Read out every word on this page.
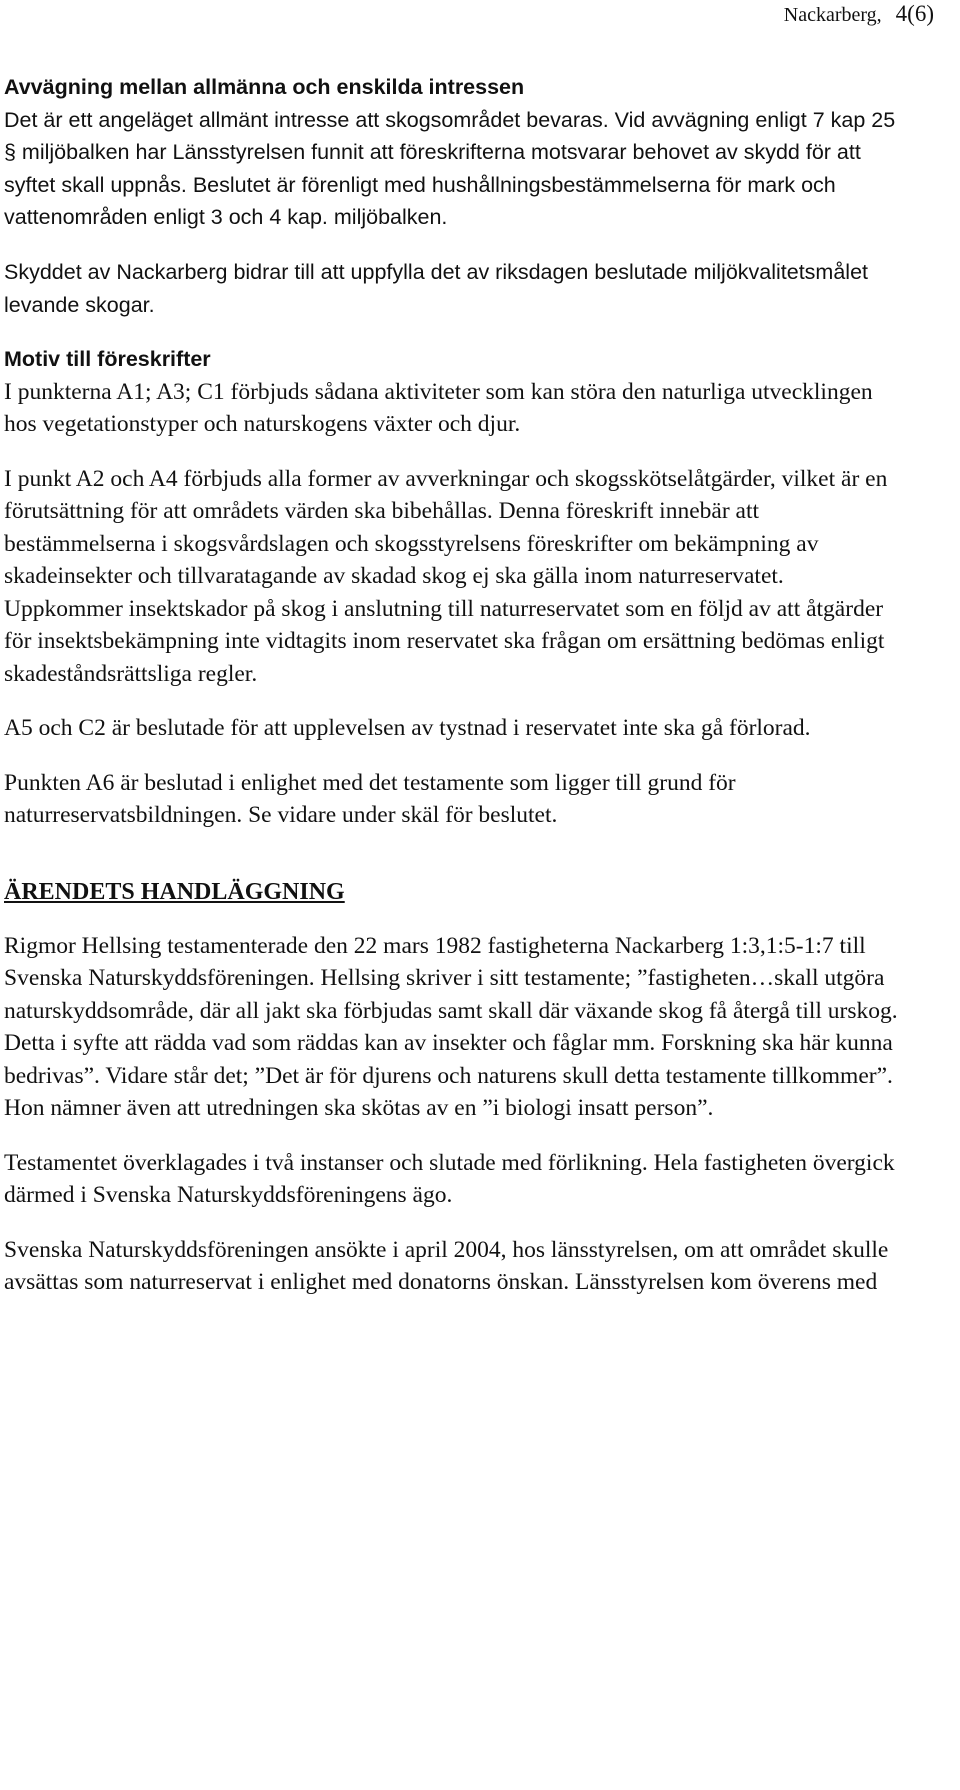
Nackarberg, 4(6)

Avvägning mellan allmänna och enskilda intressen

Det är ett angeläget allmänt intresse att skogsområdet bevaras. Vid avvägning enligt 7 kap 25 § miljöbalken har Länsstyrelsen funnit att föreskrifterna motsvarar behovet av skydd för att syftet skall uppnås. Beslutet är förenligt med hushållningsbestämmelserna för mark och vattenområden enligt 3 och 4 kap. miljöbalken.

Skyddet av Nackarberg bidrar till att uppfylla det av riksdagen beslutade miljökvalitetsmålet levande skogar.

Motiv till föreskrifter

I punkterna A1; A3; C1 förbjuds sådana aktiviteter som kan störa den naturliga utvecklingen hos vegetationstyper och naturskogens växter och djur.

I punkt A2 och A4 förbjuds alla former av avverkningar och skogsskötselåtgärder, vilket är en förutsättning för att områdets värden ska bibehållas. Denna föreskrift innebär att bestämmelserna i skogsvårdslagen och skogsstyrelsens föreskrifter om bekämpning av skadeinsekter och tillvaratagande av skadad skog ej ska gälla inom naturreservatet. Uppkommer insektskador på skog i anslutning till naturreservatet som en följd av att åtgärder för insektsbekämpning inte vidtagits inom reservatet ska frågan om ersättning bedömas enligt skadeståndsrättsliga regler.

A5 och C2 är beslutade för att upplevelsen av tystnad i reservatet inte ska gå förlorad.

Punkten A6 är beslutad i enlighet med det testamente som ligger till grund för naturreservatsbildningen. Se vidare under skäl för beslutet.

ÄRENDETS HANDLÄGGNING

Rigmor Hellsing testamenterade den 22 mars 1982 fastigheterna Nackarberg 1:3,1:5-1:7 till Svenska Naturskyddsföreningen. Hellsing skriver i sitt testamente; ”fastigheten…skall utgöra naturskyddsområde, där all jakt ska förbjudas samt skall där växande skog få återgå till urskog. Detta i syfte att rädda vad som räddas kan av insekter och fåglar mm. Forskning ska här kunna bedrivas”. Vidare står det; ”Det är för djurens och naturens skull detta testamente tillkommer”. Hon nämner även att utredningen ska skötas av en ”i biologi insatt person”.

Testamentet överklagades i två instanser och slutade med förlikning. Hela fastigheten övergick därmed i Svenska Naturskyddsföreningens ägo.

Svenska Naturskyddsföreningen ansökte i april 2004, hos länsstyrelsen, om att området skulle avsättas som naturreservat i enlighet med donatorns önskan. Länsstyrelsen kom överens med
